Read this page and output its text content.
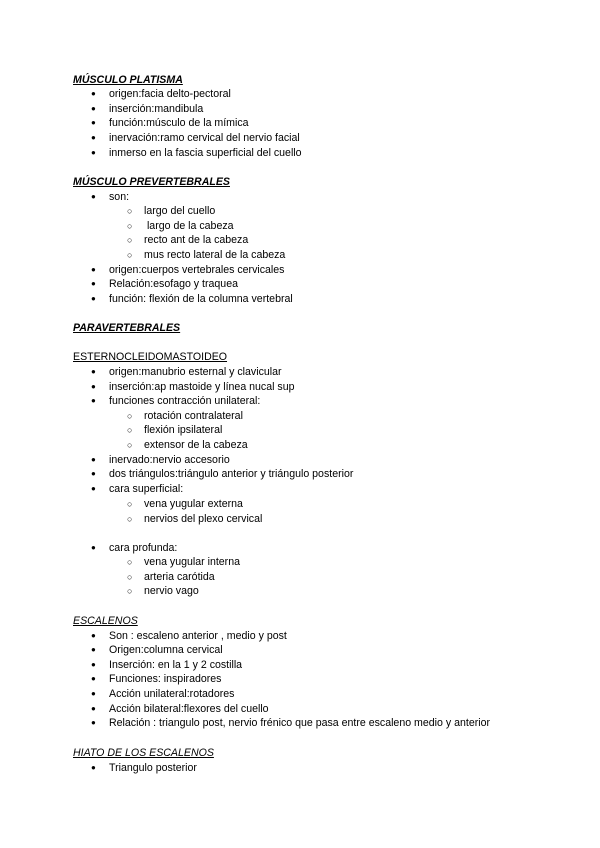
MÚSCULO PLATISMA
● origen:facia delto-pectoral
● inserción:mandibula
● función:músculo de la mímica
● inervación:ramo cervical del nervio facial
● inmerso en la fascia superficial del cuello
MÚSCULO PREVERTEBRALES
● son:
○ largo del cuello
○ largo de la cabeza
○ recto ant de la cabeza
○ mus recto lateral de la cabeza
● origen:cuerpos vertebrales cervicales
● Relación:esofago y traquea
● función: flexión de la columna vertebral
PARAVERTEBRALES
ESTERNOCLEIDOMASTOIDEO
● origen:manubrio esternal y clavicular
● inserción:ap mastoide y línea nucal sup
● funciones contracción unilateral:
○ rotación contralateral
○ flexión ipsilateral
○ extensor de la cabeza
● inervado:nervio accesorio
● dos triángulos:triángulo anterior y triángulo posterior
● cara superficial:
○ vena yugular externa
○ nervios del plexo cervical
● cara profunda:
○ vena yugular interna
○ arteria carótida
○ nervio vago
ESCALENOS
● Son : escaleno anterior , medio y post
● Origen:columna cervical
● Inserción: en la 1 y 2 costilla
● Funciones: inspiradores
● Acción unilateral:rotadores
● Acción bilateral:flexores del cuello
● Relación : triangulo post, nervio frénico que pasa entre escaleno medio y anterior
HIATO DE LOS ESCALENOS
● Triangulo posterior
